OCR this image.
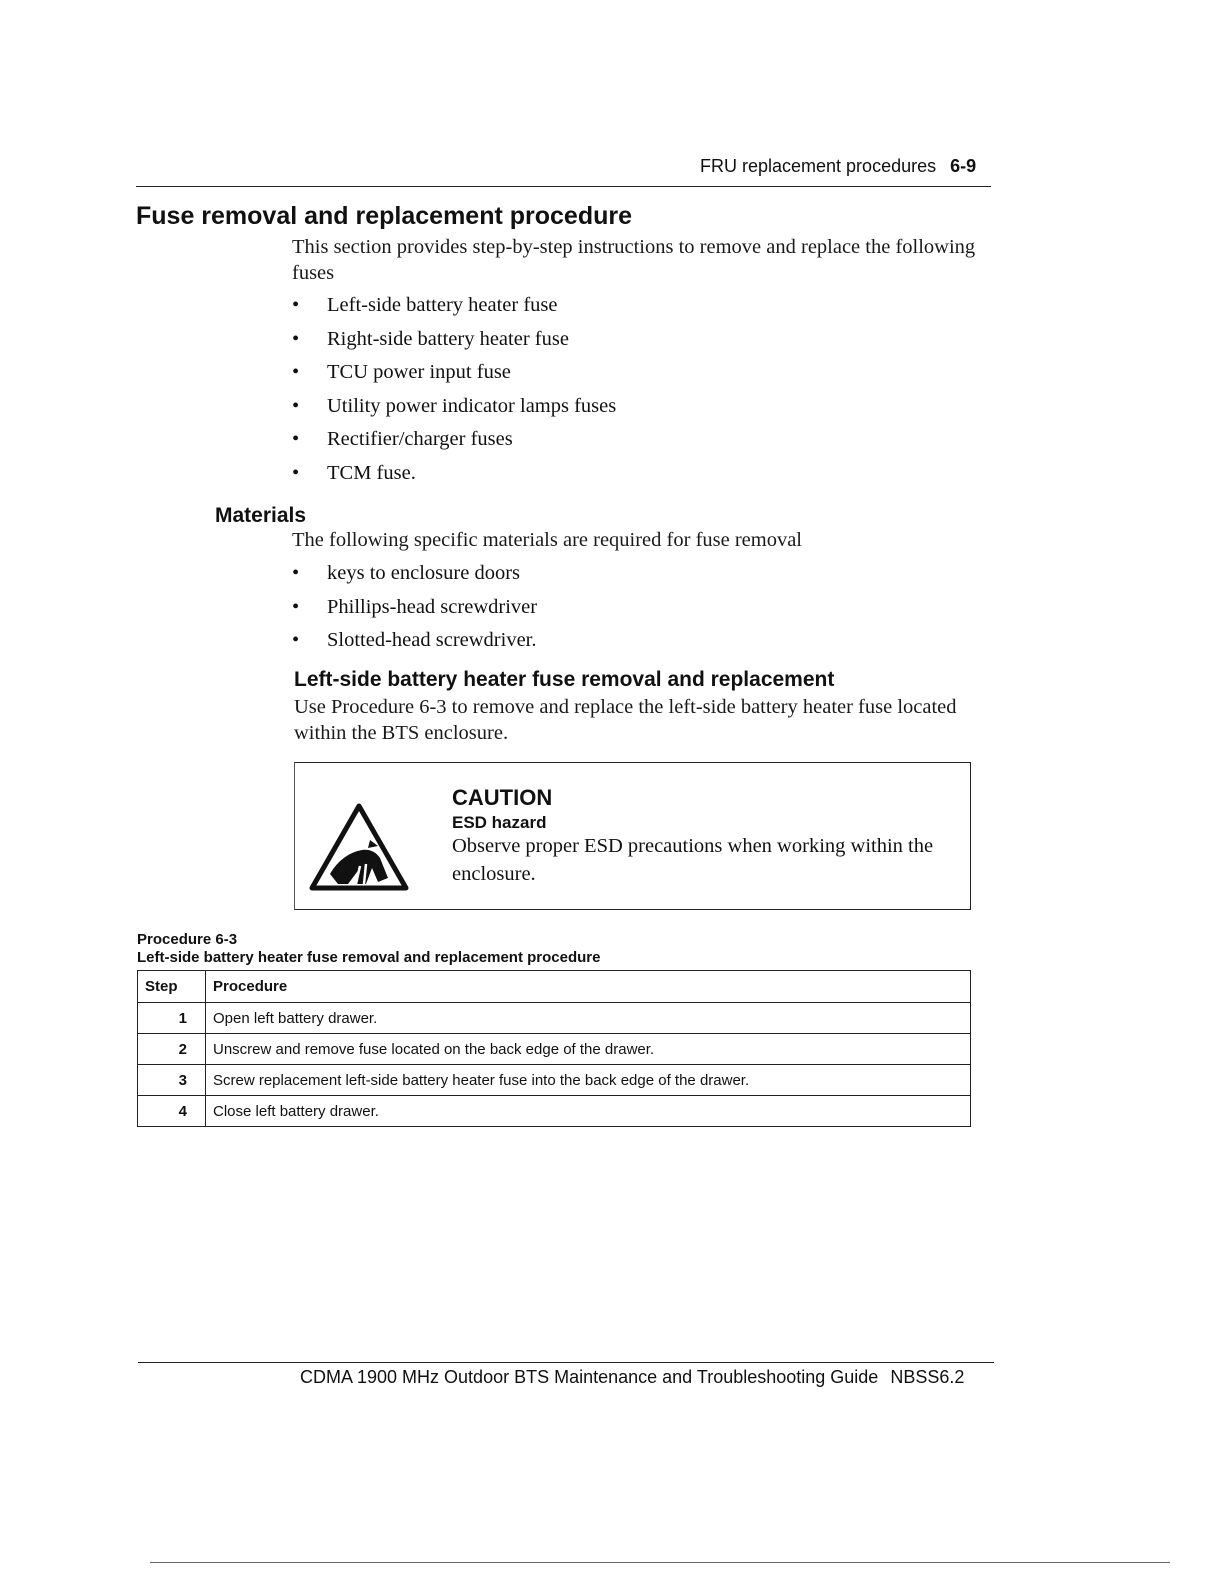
FRU replacement procedures 6-9
Fuse removal and replacement procedure
This section provides step-by-step instructions to remove and replace the following fuses
• Left-side battery heater fuse
• Right-side battery heater fuse
• TCU power input fuse
• Utility power indicator lamps fuses
• Rectifier/charger fuses
• TCM fuse.
Materials
The following specific materials are required for fuse removal
• keys to enclosure doors
• Phillips-head screwdriver
• Slotted-head screwdriver.
Left-side battery heater fuse removal and replacement
Use Procedure 6-3 to remove and replace the left-side battery heater fuse located within the BTS enclosure.
CAUTION
ESD hazard
Observe proper ESD precautions when working within the enclosure.
Procedure 6-3
Left-side battery heater fuse removal and replacement procedure
Step	Procedure
1	Open left battery drawer.
2	Unscrew and remove fuse located on the back edge of the drawer.
3	Screw replacement left-side battery heater fuse into the back edge of the drawer.
4	Close left battery drawer.
CDMA 1900 MHz Outdoor BTS Maintenance and Troubleshooting Guide NBSS6.2
